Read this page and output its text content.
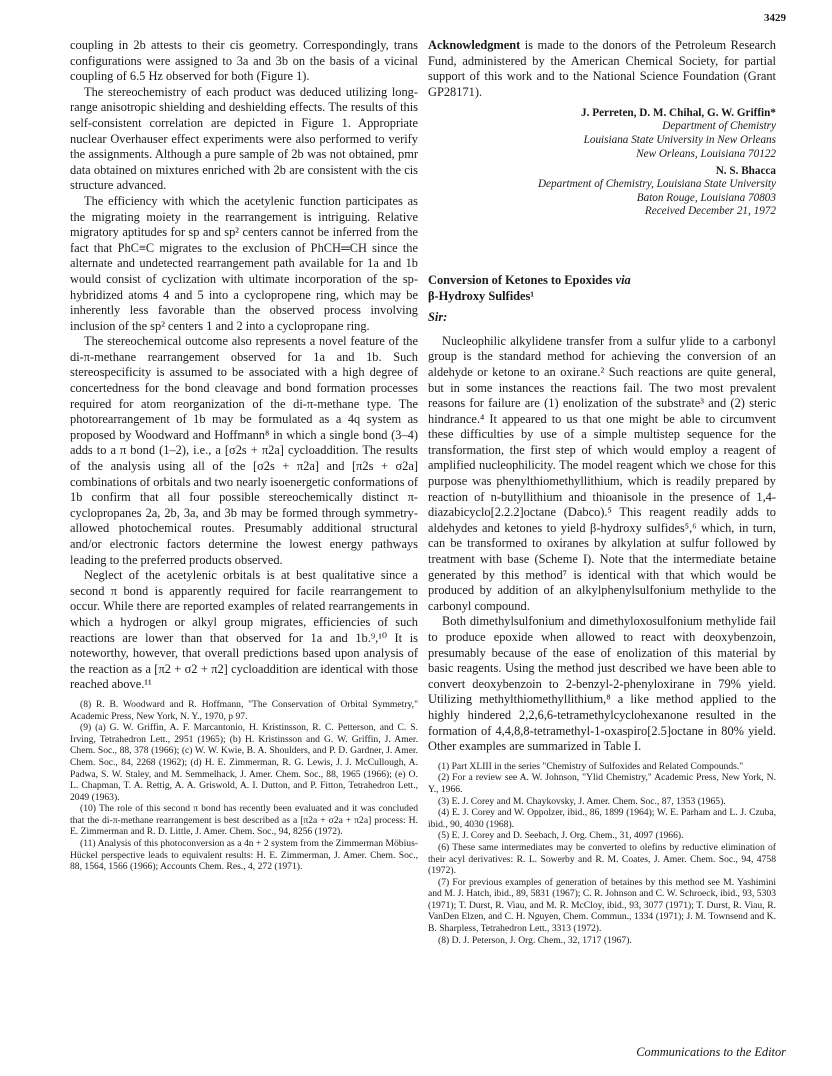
3429

coupling in 2b attests to their cis geometry. Correspondingly, trans configurations were assigned to 3a and 3b on the basis of a vicinal coupling of 6.5 Hz observed for both (Figure 1).

The stereochemistry of each product was deduced utilizing long-range anisotropic shielding and deshielding effects. The results of this self-consistent correlation are depicted in Figure 1. Appropriate nuclear Overhauser effect experiments were also performed to verify the assignments. Although a pure sample of 2b was not obtained, pmr data obtained on mixtures enriched with 2b are consistent with the cis structure advanced.

The efficiency with which the acetylenic function participates as the migrating moiety in the rearrangement is intriguing. Relative migratory aptitudes for sp and sp² centers cannot be inferred from the fact that PhC≡C migrates to the exclusion of PhCH═CH since the alternate and undetected rearrangement path available for 1a and 1b would consist of cyclization with ultimate incorporation of the sp-hybridized atoms 4 and 5 into a cyclopropene ring, which may be inherently less favorable than the observed process involving inclusion of the sp² centers 1 and 2 into a cyclopropane ring.

The stereochemical outcome also represents a novel feature of the di-π-methane rearrangement observed for 1a and 1b. Such stereospecificity is assumed to be associated with a high degree of concertedness for the bond cleavage and bond formation processes required for atom reorganization of the di-π-methane type. The photorearrangement of 1b may be formulated as a 4q system as proposed by Woodward and Hoffmann⁸ in which a single bond (3–4) adds to a π bond (1–2), i.e., a [σ2s + π2a] cycloaddition. The results of the analysis using all of the [σ2s + π2a] and [π2s + σ2a] combinations of orbitals and two nearly isoenergetic conformations of 1b confirm that all four possible stereochemically distinct π-cyclopropanes 2a, 2b, 3a, and 3b may be formed through symmetry-allowed photochemical routes. Presumably additional structural and/or electronic factors determine the lowest energy pathways leading to the preferred products observed.

Neglect of the acetylenic orbitals is at best qualitative since a second π bond is apparently required for facile rearrangement to occur. While there are reported examples of related rearrangements in which a hydrogen or alkyl group migrates, efficiencies of such reactions are lower than that observed for 1a and 1b.⁹,¹⁰ It is noteworthy, however, that overall predictions based upon analysis of the reaction as a [π2 + σ2 + π2] cycloaddition are identical with those reached above.¹¹

(8) R. B. Woodward and R. Hoffmann, "The Conservation of Orbital Symmetry," Academic Press, New York, N. Y., 1970, p 97.

(9) (a) G. W. Griffin, A. F. Marcantonio, H. Kristinsson, R. C. Petterson, and C. S. Irving, Tetrahedron Lett., 2951 (1965); (b) H. Kristinsson and G. W. Griffin, J. Amer. Chem. Soc., 88, 378 (1966); (c) W. W. Kwie, B. A. Shoulders, and P. D. Gardner, J. Amer. Chem. Soc., 84, 2268 (1962); (d) H. E. Zimmerman, R. G. Lewis, J. J. McCullough, A. Padwa, S. W. Staley, and M. Semmelhack, J. Amer. Chem. Soc., 88, 1965 (1966); (e) O. L. Chapman, T. A. Rettig, A. A. Griswold, A. I. Dutton, and P. Fitton, Tetrahedron Lett., 2049 (1963).

(10) The role of this second π bond has recently been evaluated and it was concluded that the di-π-methane rearrangement is best described as a [π2a + σ2a + π2a] process: H. E. Zimmerman and R. D. Little, J. Amer. Chem. Soc., 94, 8256 (1972).

(11) Analysis of this photoconversion as a 4n + 2 system from the Zimmerman Möbius-Hückel perspective leads to equivalent results: H. E. Zimmerman, J. Amer. Chem. Soc., 88, 1564, 1566 (1966); Accounts Chem. Res., 4, 272 (1971).

Acknowledgment is made to the donors of the Petroleum Research Fund, administered by the American Chemical Society, for partial support of this work and to the National Science Foundation (Grant GP28171).

J. Perreten, D. M. Chihal, G. W. Griffin*
Department of Chemistry
Louisiana State University in New Orleans
New Orleans, Louisiana 70122
N. S. Bhacca
Department of Chemistry, Louisiana State University
Baton Rouge, Louisiana 70803
Received December 21, 1972

Conversion of Ketones to Epoxides via
β-Hydroxy Sulfides¹

Sir:

Nucleophilic alkylidene transfer from a sulfur ylide to a carbonyl group is the standard method for achieving the conversion of an aldehyde or ketone to an oxirane.² Such reactions are quite general, but in some instances the reactions fail. The two most prevalent reasons for failure are (1) enolization of the substrate³ and (2) steric hindrance.⁴ It appeared to us that one might be able to circumvent these difficulties by use of a simple multistep sequence for the transformation, the first step of which would employ a reagent of amplified nucleophilicity. The model reagent which we chose for this purpose was phenylthiomethyllithium, which is readily prepared by reaction of n-butyllithium and thioanisole in the presence of 1,4-diazabicyclo[2.2.2]octane (Dabco).⁵ This reagent readily adds to aldehydes and ketones to yield β-hydroxy sulfides⁵,⁶ which, in turn, can be transformed to oxiranes by alkylation at sulfur followed by treatment with base (Scheme I). Note that the intermediate betaine generated by this method⁷ is identical with that which would be produced by addition of an alkylphenylsulfonium methylide to the carbonyl compound.

Both dimethylsulfonium and dimethyloxosulfonium methylide fail to produce epoxide when allowed to react with deoxybenzoin, presumably because of the ease of enolization of this material by basic reagents. Using the method just described we have been able to convert deoxybenzoin to 2-benzyl-2-phenyloxirane in 79% yield. Utilizing methylthiomethyllithium,⁸ a like method applied to the highly hindered 2,2,6,6-tetramethylcyclohexanone resulted in the formation of 4,4,8,8-tetramethyl-1-oxaspiro[2.5]octane in 80% yield. Other examples are summarized in Table I.

(1) Part XLIII in the series "Chemistry of Sulfoxides and Related Compounds."

(2) For a review see A. W. Johnson, "Ylid Chemistry," Academic Press, New York, N. Y., 1966.

(3) E. J. Corey and M. Chaykovsky, J. Amer. Chem. Soc., 87, 1353 (1965).

(4) E. J. Corey and W. Oppolzer, ibid., 86, 1899 (1964); W. E. Parham and L. J. Czuba, ibid., 90, 4030 (1968).

(5) E. J. Corey and D. Seebach, J. Org. Chem., 31, 4097 (1966).

(6) These same intermediates may be converted to olefins by reductive elimination of their acyl derivatives: R. L. Sowerby and R. M. Coates, J. Amer. Chem. Soc., 94, 4758 (1972).

(7) For previous examples of generation of betaines by this method see M. Yashimini and M. J. Hatch, ibid., 89, 5831 (1967); C. R. Johnson and C. W. Schroeck, ibid., 93, 5303 (1971); T. Durst, R. Viau, and M. R. McCloy, ibid., 93, 3077 (1971); T. Durst, R. Viau, R. VanDen Elzen, and C. H. Nguyen, Chem. Commun., 1334 (1971); J. M. Townsend and K. B. Sharpless, Tetrahedron Lett., 3313 (1972).

(8) D. J. Peterson, J. Org. Chem., 32, 1717 (1967).

Communications to the Editor
